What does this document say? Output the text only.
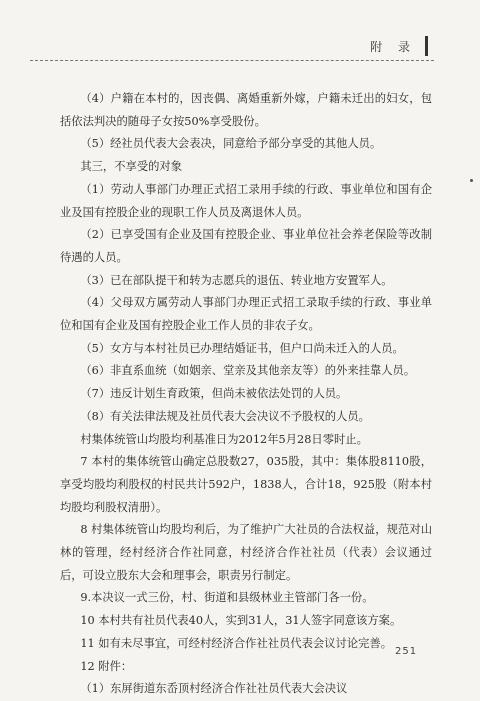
附 录

（4）户籍在本村的，因丧偶、离婚重新外嫁，户籍未迁出的妇女，包括依法判决的随母子女按50%享受股份。

（5）经社员代表大会表决，同意给予部分享受的其他人员。

其三，不享受的对象

（1）劳动人事部门办理正式招工录用手续的行政、事业单位和国有企业及国有控股企业的现职工作人员及离退休人员。

（2）已享受国有企业及国有控股企业、事业单位社会养老保险等改制待遇的人员。

（3）已在部队提干和转为志愿兵的退伍、转业地方安置军人。

（4）父母双方属劳动人事部门办理正式招工录取手续的行政、事业单位和国有企业及国有控股企业工作人员的非农子女。

（5）女方与本村社员已办理结婚证书，但户口尚未迁入的人员。

（6）非直系血统（如姻亲、堂亲及其他亲友等）的外来挂靠人员。

（7）违反计划生育政策，但尚未被依法处罚的人员。

（8）有关法律法规及社员代表大会决议不予股权的人员。

村集体统管山均股均利基准日为2012年5月28日零时止。

7 本村的集体统管山确定总股数27，035股，其中：集体股8110股，享受均股均利股权的村民共计592户，1838人，合计18，925股（附本村均股均利股权清册）。

8 村集体统管山均股均利后，为了维护广大社员的合法权益，规范对山林的管理，经村经济合作社同意，村经济合作社社员（代表）会议通过后，可设立股东大会和理事会，职责另行制定。

9.本决议一式三份，村、街道和县级林业主管部门各一份。

10 本村共有社员代表40人，实到31人，31人签字同意该方案。

11 如有未尽事宜，可经村经济合作社社员代表会议讨论完善。

12 附件：

（1）东屏街道东岙顶村经济合作社社员代表大会决议

251
